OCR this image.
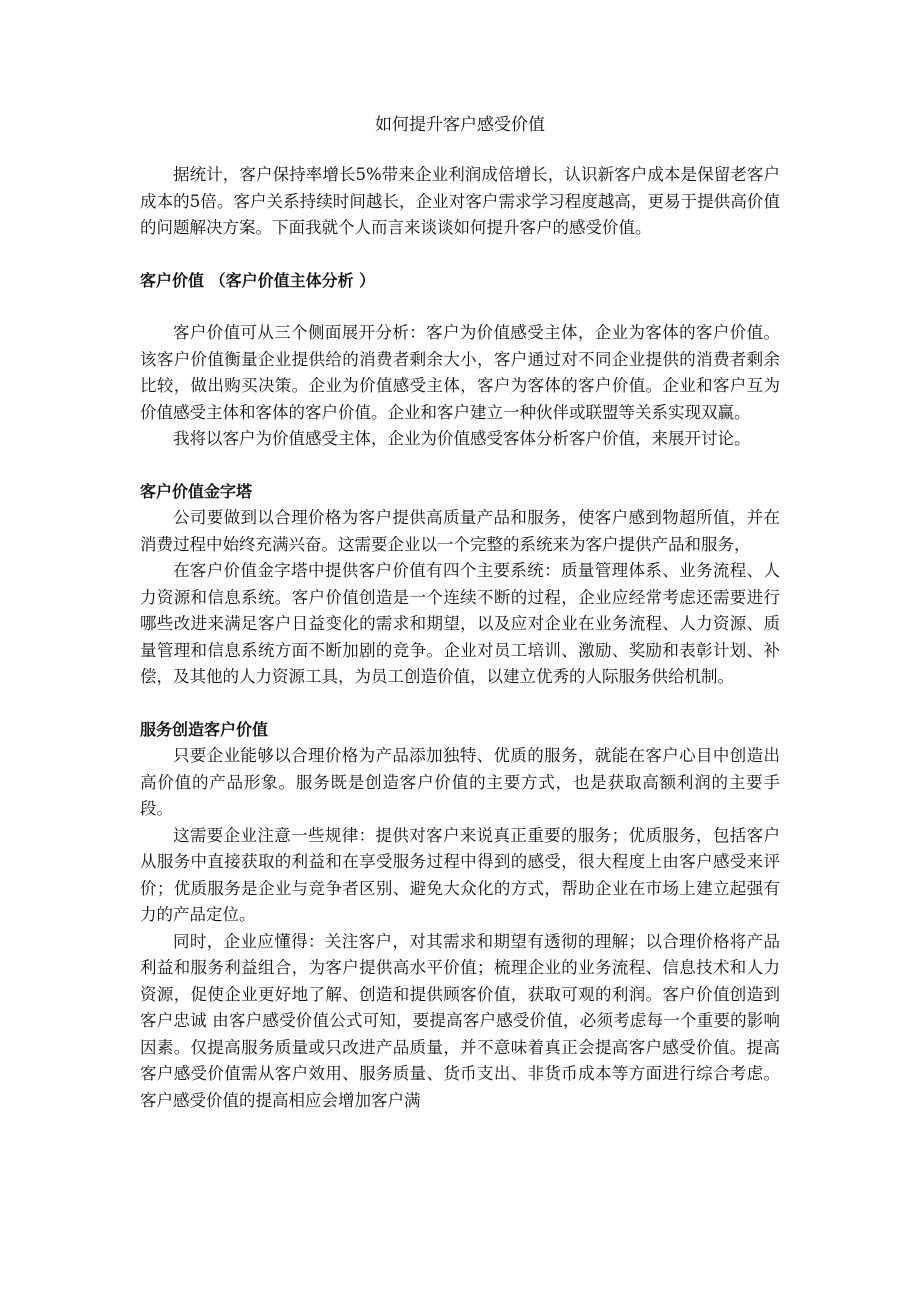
如何提升客户感受价值

据统计，客户保持率增长5%带来企业利润成倍增长，认识新客户成本是保留老客户成本的5倍。客户关系持续时间越长，企业对客户需求学习程度越高，更易于提供高价值的问题解决方案。下面我就个人而言来谈谈如何提升客户的感受价值。

客户价值 （客户价值主体分析 ）

客户价值可从三个侧面展开分析：客户为价值感受主体，企业为客体的客户价值。该客户价值衡量企业提供给的消费者剩余大小，客户通过对不同企业提供的消费者剩余比较，做出购买决策。企业为价值感受主体，客户为客体的客户价值。企业和客户互为价值感受主体和客体的客户价值。企业和客户建立一种伙伴或联盟等关系实现双赢。

我将以客户为价值感受主体，企业为价值感受客体分析客户价值，来展开讨论。

客户价值金字塔

公司要做到以合理价格为客户提供高质量产品和服务，使客户感到物超所值，并在消费过程中始终充满兴奋。这需要企业以一个完整的系统来为客户提供产品和服务，

在客户价值金字塔中提供客户价值有四个主要系统：质量管理体系、业务流程、人力资源和信息系统。客户价值创造是一个连续不断的过程，企业应经常考虑还需要进行哪些改进来满足客户日益变化的需求和期望，以及应对企业在业务流程、人力资源、质量管理和信息系统方面不断加剧的竞争。企业对员工培训、激励、奖励和表彰计划、补偿，及其他的人力资源工具，为员工创造价值，以建立优秀的人际服务供给机制。

服务创造客户价值

只要企业能够以合理价格为产品添加独特、优质的服务，就能在客户心目中创造出高价值的产品形象。服务既是创造客户价值的主要方式，也是获取高额利润的主要手段。

这需要企业注意一些规律：提供对客户来说真正重要的服务；优质服务，包括客户从服务中直接获取的利益和在享受服务过程中得到的感受，很大程度上由客户感受来评价；优质服务是企业与竞争者区别、避免大众化的方式，帮助企业在市场上建立起强有力的产品定位。

同时，企业应懂得：关注客户，对其需求和期望有透彻的理解；以合理价格将产品利益和服务利益组合，为客户提供高水平价值；梳理企业的业务流程、信息技术和人力资源，促使企业更好地了解、创造和提供顾客价值，获取可观的利润。客户价值创造到客户忠诚 由客户感受价值公式可知，要提高客户感受价值，必须考虑每一个重要的影响因素。仅提高服务质量或只改进产品质量，并不意味着真正会提高客户感受价值。提高客户感受价值需从客户效用、服务质量、货币支出、非货币成本等方面进行综合考虑。客户感受价值的提高相应会增加客户满
